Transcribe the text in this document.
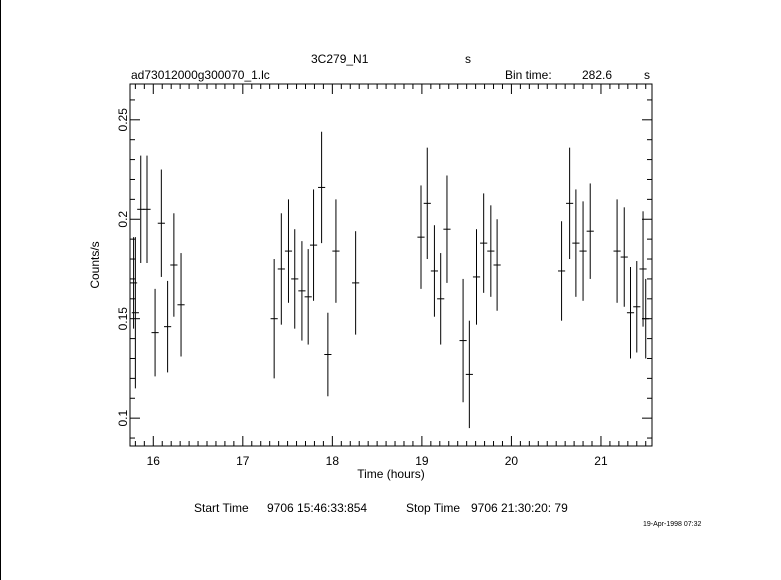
3C279_N1	s
ad73012000g300070_1.lc	Bin time:	282.6	s
Start Time 9706 15:46:33:854	Stop Time 9706 21:30:20: 79
19-Apr-1998 07:32
16	17	18	19	20	21
0.1
0.15
0.2
0.25
Time (hours)
Counts/s
